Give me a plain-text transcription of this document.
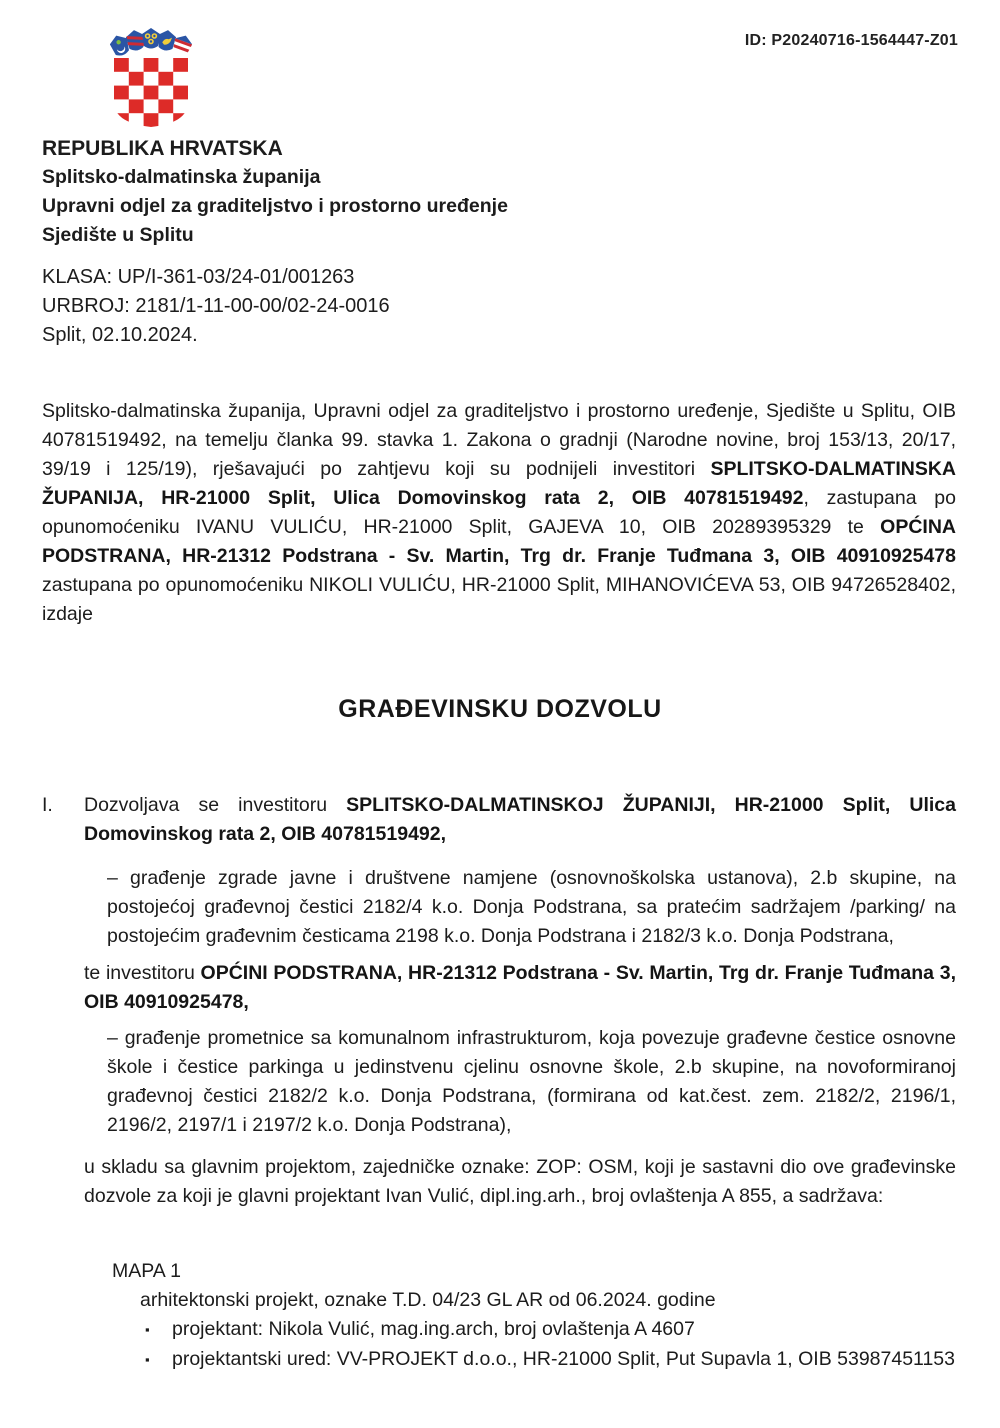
ID: P20240716-1564447-Z01
REPUBLIKA HRVATSKA
Splitsko-dalmatinska županija
Upravni odjel za graditeljstvo i prostorno uređenje
Sjedište u Splitu
KLASA: UP/I-361-03/24-01/001263
URBROJ: 2181/1-11-00-00/02-24-0016
Split, 02.10.2024.

Splitsko-dalmatinska županija, Upravni odjel za graditeljstvo i prostorno uređenje, Sjedište u Splitu, OIB 40781519492, na temelju članka 99. stavka 1. Zakona o gradnji (Narodne novine, broj 153/13, 20/17, 39/19 i 125/19), rješavajući po zahtjevu koji su podnijeli investitori SPLITSKO-DALMATINSKA ŽUPANIJA, HR-21000 Split, Ulica Domovinskog rata 2, OIB 40781519492, zastupana po opunomoćeniku IVANU VULIĆU, HR-21000 Split, GAJEVA 10, OIB 20289395329 te OPĆINA PODSTRANA, HR-21312 Podstrana - Sv. Martin, Trg dr. Franje Tuđmana 3, OIB 40910925478 zastupana po opunomoćeniku NIKOLI VULIĆU, HR-21000 Split, MIHANOVIĆEVA 53, OIB 94726528402, izdaje

GRAĐEVINSKU DOZVOLU

I. Dozvoljava se investitoru SPLITSKO-DALMATINSKOJ ŽUPANIJI, HR-21000 Split, Ulica Domovinskog rata 2, OIB 40781519492,

– građenje zgrade javne i društvene namjene (osnovnoškolska ustanova), 2.b skupine, na postojećoj građevnoj čestici 2182/4 k.o. Donja Podstrana, sa pratećim sadržajem /parking/ na postojećim građevnim česticama 2198 k.o. Donja Podstrana i 2182/3 k.o. Donja Podstrana,

te investitoru OPĆINI PODSTRANA, HR-21312 Podstrana - Sv. Martin, Trg dr. Franje Tuđmana 3, OIB 40910925478,

– građenje prometnice sa komunalnom infrastrukturom, koja povezuje građevne čestice osnovne škole i čestice parkinga u jedinstvenu cjelinu osnovne škole, 2.b skupine, na novoformiranoj građevnoj čestici 2182/2 k.o. Donja Podstrana, (formirana od kat.čest. zem. 2182/2, 2196/1, 2196/2, 2197/1 i 2197/2 k.o. Donja Podstrana),

u skladu sa glavnim projektom, zajedničke oznake: ZOP: OSM, koji je sastavni dio ove građevinske dozvole za koji je glavni projektant Ivan Vulić, dipl.ing.arh., broj ovlaštenja A 855, a sadržava:

MAPA 1
arhitektonski projekt, oznake T.D. 04/23 GL AR od 06.2024. godine

▪ projektant: Nikola Vulić, mag.ing.arch, broj ovlaštenja A 4607

▪ projektantski ured: VV-PROJEKT d.o.o., HR-21000 Split, Put Supavla 1, OIB 53987451153
